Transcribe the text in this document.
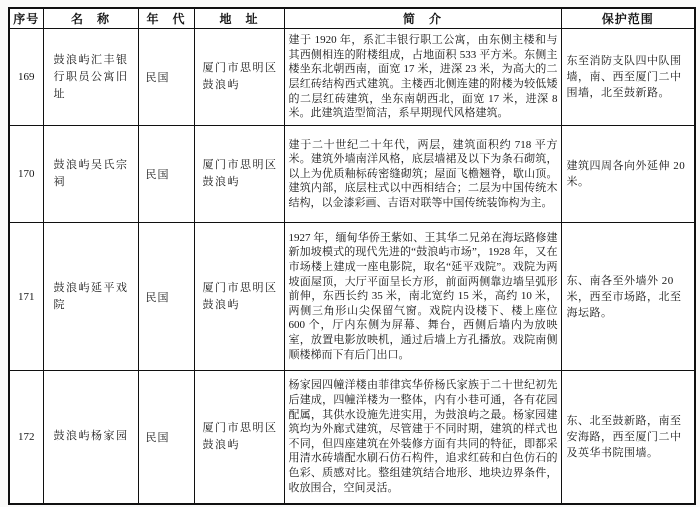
序号	名　称	年　代	地　址	简　介	保护范围
169	鼓浪屿汇丰银行职员公寓旧址	民国	厦门市思明区鼓浪屿	建于 1920 年，系汇丰银行职工公寓，由东侧主楼和与其西侧相连的附楼组成，占地面积 533 平方米。东侧主楼坐东北朝西南，面宽 17 米，进深 23 米，为高大的二层红砖结构西式建筑。主楼西北侧连建的附楼为较低矮的二层红砖建筑，坐东南朝西北，面宽 17 米，进深 8 米。此建筑造型简洁，系早期现代风格建筑。	东至消防支队四中队围墙，南、西至厦门二中围墙，北至鼓新路。
170	鼓浪屿吴氏宗祠	民国	厦门市思明区鼓浪屿	建于二十世纪二十年代，两层，建筑面积约 718 平方米。建筑外墙南洋风格，底层墙裙及以下为条石砌筑，以上为优质釉标砖密缝砌筑；屋面飞檐翘脊，歇山顶。建筑内部，底层柱式以中西相结合；二层为中国传统木结构，以金漆彩画、吉语对联等中国传统装饰构为主。	建筑四周各向外延伸 20 米。
171	鼓浪屿延平戏院	民国	厦门市思明区鼓浪屿	1927 年，缅甸华侨王紫如、王其华二兄弟在海坛路修建新加坡模式的现代先进的“鼓浪屿市场”，1928 年，又在市场楼上建成一座电影院，取名“延平戏院”。戏院为两坡面屋顶，大厅平面呈长方形，前面两侧靠边墙呈弧形前伸，东西长约 35 米，南北宽约 15 米，高约 10 米，两侧三角形山尖保留气窗。戏院内设楼下、楼上座位 600 个，厅内东侧为屏幕、舞台，西侧后墙内为放映室，放置电影放映机，通过后墙上方孔播放。戏院南侧顺楼梯而下有后门出口。	东、南各至外墙外 20 米，西至市场路，北至海坛路。
172	鼓浪屿杨家园	民国	厦门市思明区鼓浪屿	杨家园四幢洋楼由菲律宾华侨杨氏家族于二十世纪初先后建成，四幢洋楼为一整体，内有小巷可通，各有花园配属，其供水设施先进实用，为鼓浪屿之最。杨家园建筑均为外廊式建筑，尽管建于不同时期，建筑的样式也不同，但四座建筑在外装修方面有共同的特征，即都采用清水砖墙配水刷石仿石构件，追求红砖和白色仿石的色彩、质感对比。整组建筑结合地形、地块边界条件，收放围合，空间灵活。	东、北至鼓新路，南至安海路，西至厦门二中及英华书院围墙。
